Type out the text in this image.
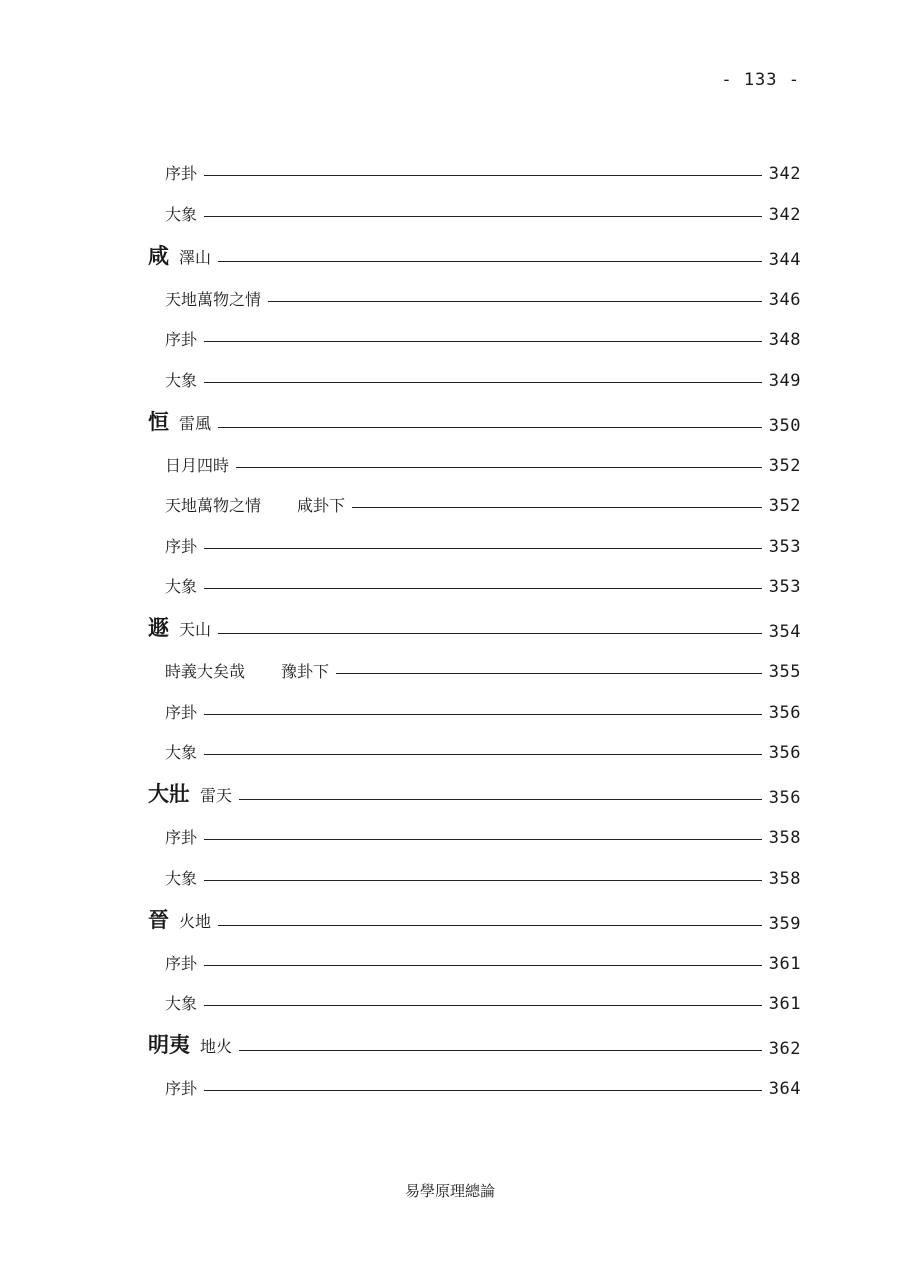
- 133 -
序卦	342
大象	342
咸 澤山	344
天地萬物之情	346
序卦	348
大象	349
恒 雷風	350
日月四時	352
天地萬物之情 咸卦下	352
序卦	353
大象	353
遯 天山	354
時義大矣哉 豫卦下	355
序卦	356
大象	356
大壯 雷天	356
序卦	358
大象	358
晉 火地	359
序卦	361
大象	361
明夷 地火	362
序卦	364
易學原理總論
